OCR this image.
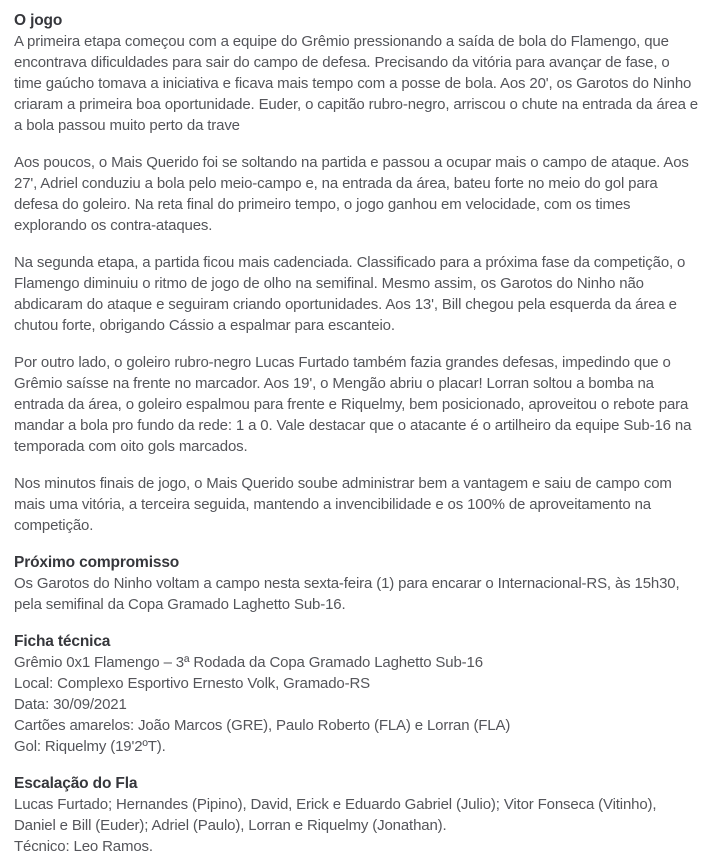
O jogo

A primeira etapa começou com a equipe do Grêmio pressionando a saída de bola do Flamengo, que encontrava dificuldades para sair do campo de defesa. Precisando da vitória para avançar de fase, o time gaúcho tomava a iniciativa e ficava mais tempo com a posse de bola. Aos 20', os Garotos do Ninho criaram a primeira boa oportunidade. Euder, o capitão rubro-negro, arriscou o chute na entrada da área e a bola passou muito perto da trave

Aos poucos, o Mais Querido foi se soltando na partida e passou a ocupar mais o campo de ataque. Aos 27', Adriel conduziu a bola pelo meio-campo e, na entrada da área, bateu forte no meio do gol para defesa do goleiro. Na reta final do primeiro tempo, o jogo ganhou em velocidade, com os times explorando os contra-ataques.

Na segunda etapa, a partida ficou mais cadenciada. Classificado para a próxima fase da competição, o Flamengo diminuiu o ritmo de jogo de olho na semifinal. Mesmo assim, os Garotos do Ninho não abdicaram do ataque e seguiram criando oportunidades. Aos 13', Bill chegou pela esquerda da área e chutou forte, obrigando Cássio a espalmar para escanteio.

Por outro lado, o goleiro rubro-negro Lucas Furtado também fazia grandes defesas, impedindo que o Grêmio saísse na frente no marcador. Aos 19', o Mengão abriu o placar! Lorran soltou a bomba na entrada da área, o goleiro espalmou para frente e Riquelmy, bem posicionado, aproveitou o rebote para mandar a bola pro fundo da rede: 1 a 0. Vale destacar que o atacante é o artilheiro da equipe Sub-16 na temporada com oito gols marcados.

Nos minutos finais de jogo, o Mais Querido soube administrar bem a vantagem e saiu de campo com mais uma vitória, a terceira seguida, mantendo a invencibilidade e os 100% de aproveitamento na competição.

Próximo compromisso

Os Garotos do Ninho voltam a campo nesta sexta-feira (1) para encarar o Internacional-RS, às 15h30, pela semifinal da Copa Gramado Laghetto Sub-16.

Ficha técnica
Grêmio 0x1 Flamengo – 3ª Rodada da Copa Gramado Laghetto Sub-16
Local: Complexo Esportivo Ernesto Volk, Gramado-RS
Data: 30/09/2021
Cartões amarelos: João Marcos (GRE), Paulo Roberto (FLA) e Lorran (FLA)
Gol: Riquelmy (19'2ºT).
Escalação do Fla
Lucas Furtado; Hernandes (Pipino), David, Erick e Eduardo Gabriel (Julio); Vitor Fonseca (Vitinho), Daniel e Bill (Euder); Adriel (Paulo), Lorran e Riquelmy (Jonathan).
Técnico: Leo Ramos.
